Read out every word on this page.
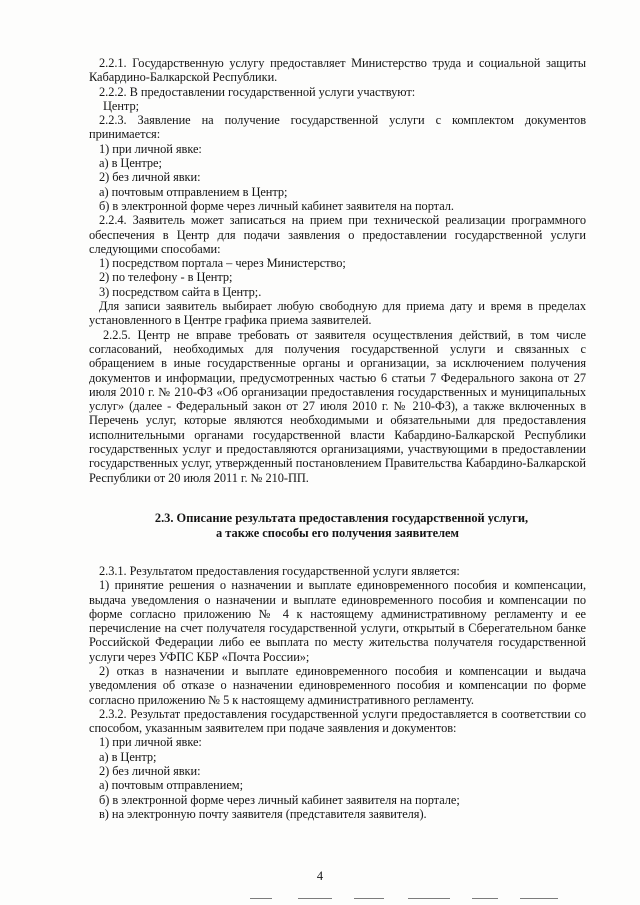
2.2.1. Государственную услугу предоставляет Министерство труда и социальной защиты Кабардино-Балкарской Республики.

2.2.2. В предоставлении государственной услуги участвуют:

Центр;

2.2.3. Заявление на получение государственной услуги с комплектом документов принимается:

1) при личной явке:

а) в Центре;

2) без личной явки:

а) почтовым отправлением в Центр;

б) в электронной форме через личный кабинет заявителя на портал.

2.2.4. Заявитель может записаться на прием при технической реализации программного обеспечения в Центр для подачи заявления о предоставлении государственной услуги следующими способами:

1) посредством портала – через Министерство;

2) по телефону - в Центр;

3) посредством сайта в Центр;.

Для записи заявитель выбирает любую свободную для приема дату и время в пределах установленного в Центре графика приема заявителей.

2.2.5. Центр не вправе требовать от заявителя осуществления действий, в том числе согласований, необходимых для получения государственной услуги и связанных с обращением в иные государственные органы и организации, за исключением получения документов и информации, предусмотренных частью 6 статьи 7 Федерального закона от 27 июля 2010 г. № 210-ФЗ «Об организации предоставления государственных и муниципальных услуг» (далее - Федеральный закон от 27 июля 2010 г. № 210-ФЗ), а также включенных в Перечень услуг, которые являются необходимыми и обязательными для предоставления исполнительными органами государственной власти Кабардино-Балкарской Республики государственных услуг и предоставляются организациями, участвующими в предоставлении государственных услуг, утвержденный постановлением Правительства Кабардино-Балкарской Республики от 20 июля 2011 г. № 210-ПП.

2.3. Описание результата предоставления государственной услуги,
а также способы его получения заявителем

2.3.1. Результатом предоставления государственной услуги является:

1) принятие решения о назначении и выплате единовременного пособия и компенсации, выдача уведомления о назначении и выплате единовременного пособия и компенсации по форме согласно приложению № 4 к настоящему административному регламенту и ее перечисление на счет получателя государственной услуги, открытый в Сберегательном банке Российской Федерации либо ее выплата по месту жительства получателя государственной услуги через УФПС КБР «Почта России»;

2) отказ в назначении и выплате единовременного пособия и компенсации и выдача уведомления об отказе о назначении единовременного пособия и компенсации по форме согласно приложению № 5 к настоящему административного регламенту.

2.3.2. Результат предоставления государственной услуги предоставляется в соответствии со способом, указанным заявителем при подаче заявления и документов:

1) при личной явке:

а) в Центр;

2) без личной явки:

а) почтовым отправлением;

б) в электронной форме через личный кабинет заявителя на портале;

в) на электронную почту заявителя (представителя заявителя).

4
